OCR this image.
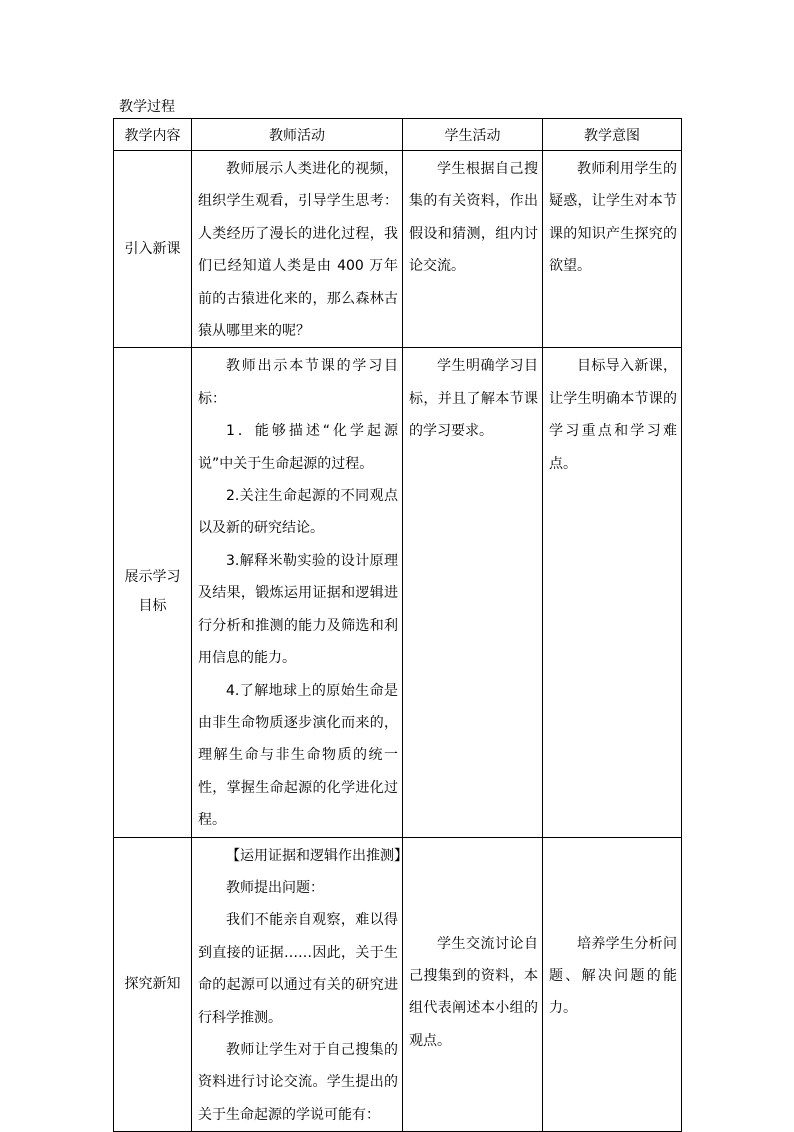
教学过程
教学内容	教师活动	学生活动	教学意图
引入新课	教师展示人类进化的视频，组织学生观看，引导学生思考：人类经历了漫长的进化过程，我们已经知道人类是由 400 万年前的古猿进化来的，那么森林古猿从哪里来的呢？	学生根据自己搜集的有关资料，作出假设和猜测，组内讨论交流。	教师利用学生的疑惑，让学生对本节课的知识产生探究的欲望。

展示学习目标	教师出示本节课的学习目标：

1．能够描述“化学起源说”中关于生命起源的过程。

2.关注生命起源的不同观点以及新的研究结论。

3.解释米勒实验的设计原理及结果，锻炼运用证据和逻辑进行分析和推测的能力及筛选和利用信息的能力。

4.了解地球上的原始生命是由非生命物质逐步演化而来的，理解生命与非生命物质的统一性，掌握生命起源的化学进化过程。	学生明确学习目标，并且了解本节课的学习要求。	目标导入新课，让学生明确本节课的学习重点和学习难点。

探究新知	【运用证据和逻辑作出推测】

教师提出问题：

我们不能亲自观察，难以得到直接的证据……因此，关于生命的起源可以通过有关的研究进行科学推测。

教师让学生对于自己搜集的资料进行讨论交流。学生提出的关于生命起源的学说可能有：	学生交流讨论自己搜集到的资料，本组代表阐述本小组的观点。	培养学生分析问题、解决问题的能力。
